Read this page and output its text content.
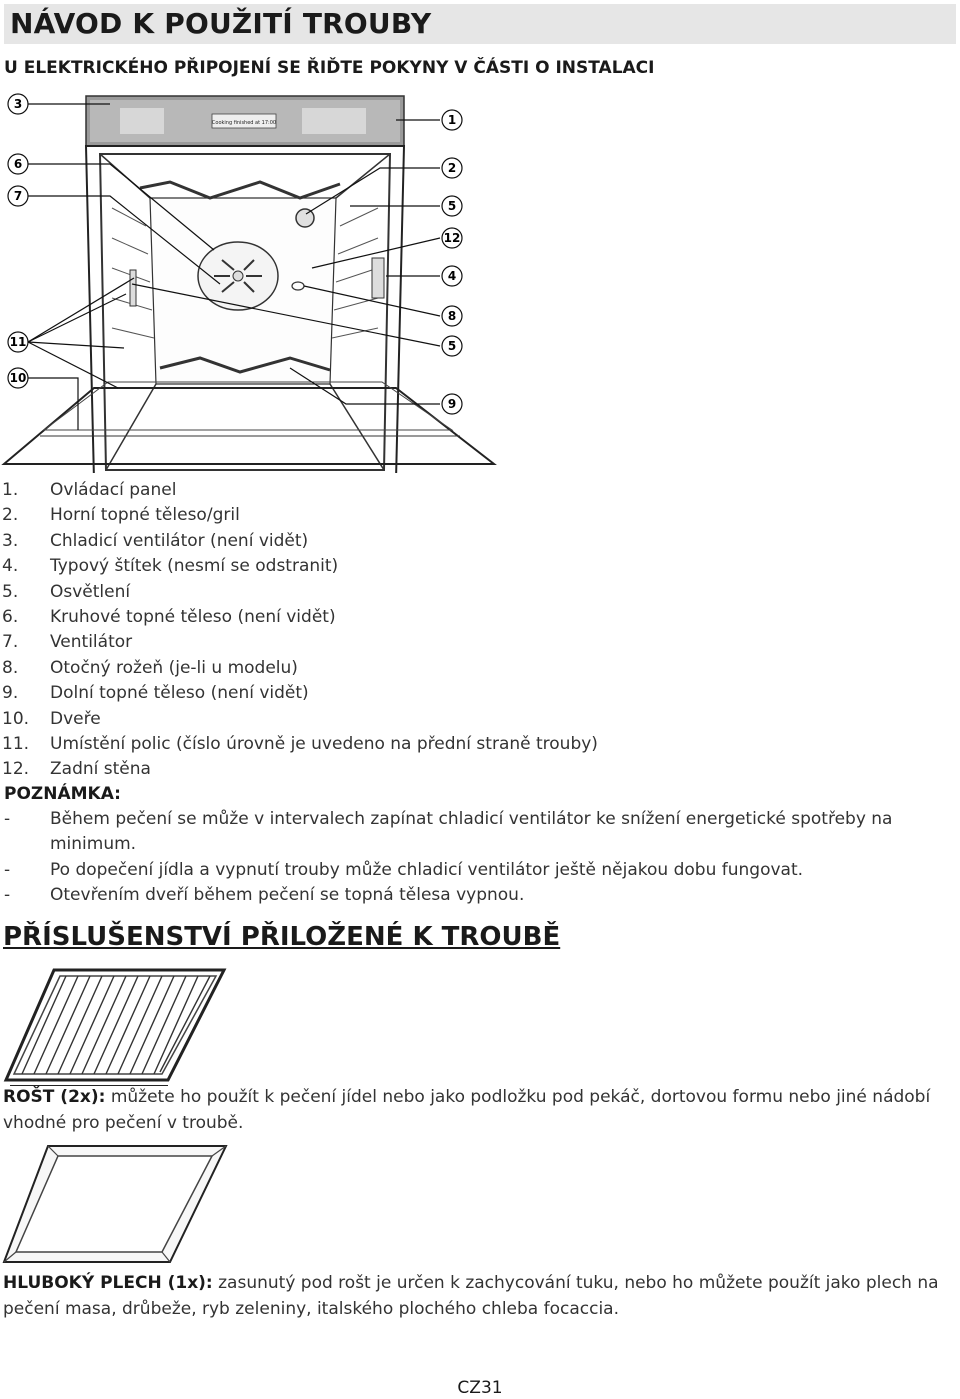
NÁVOD K POUŽITÍ TROUBY

U ELEKTRICKÉHO PŘIPOJENÍ SE ŘIĎTE POKYNY V ČÁSTI O INSTALACI

Cooking finished at 17:00
3
6
7
11
10
1
2
5
12
4
8
5
9
1.	Ovládací panel
2.	Horní topné těleso/gril
3.	Chladicí ventilátor (není vidět)
4.	Typový štítek (nesmí se odstranit)
5.	Osvětlení
6.	Kruhové topné těleso (není vidět)
7.	Ventilátor
8.	Otočný rožeň (je-li u modelu)
9.	Dolní topné těleso (není vidět)
10.	Dveře
11.	Umístění polic (číslo úrovně je uvedeno na přední straně trouby)
12.	Zadní stěna

POZNÁMKA:

-	Během pečení se může v intervalech zapínat chladicí ventilátor ke snížení energetické spotřeby na minimum.
-	Po dopečení jídla a vypnutí trouby může chladicí ventilátor ještě nějakou dobu fungovat.
-	Otevřením dveří během pečení se topná tělesa vypnou.
PŘÍSLUŠENSTVÍ PŘILOŽENÉ K TROUBĚ

ROŠT (2x): můžete ho použít k pečení jídel nebo jako podložku pod pekáč, dortovou formu nebo jiné nádobí vhodné pro pečení v troubě.

HLUBOKÝ PLECH (1x): zasunutý pod rošt je určen k zachycování tuku, nebo ho můžete použít jako plech na pečení masa, drůbeže, ryb zeleniny, italského plochého chleba focaccia.

CZ31
